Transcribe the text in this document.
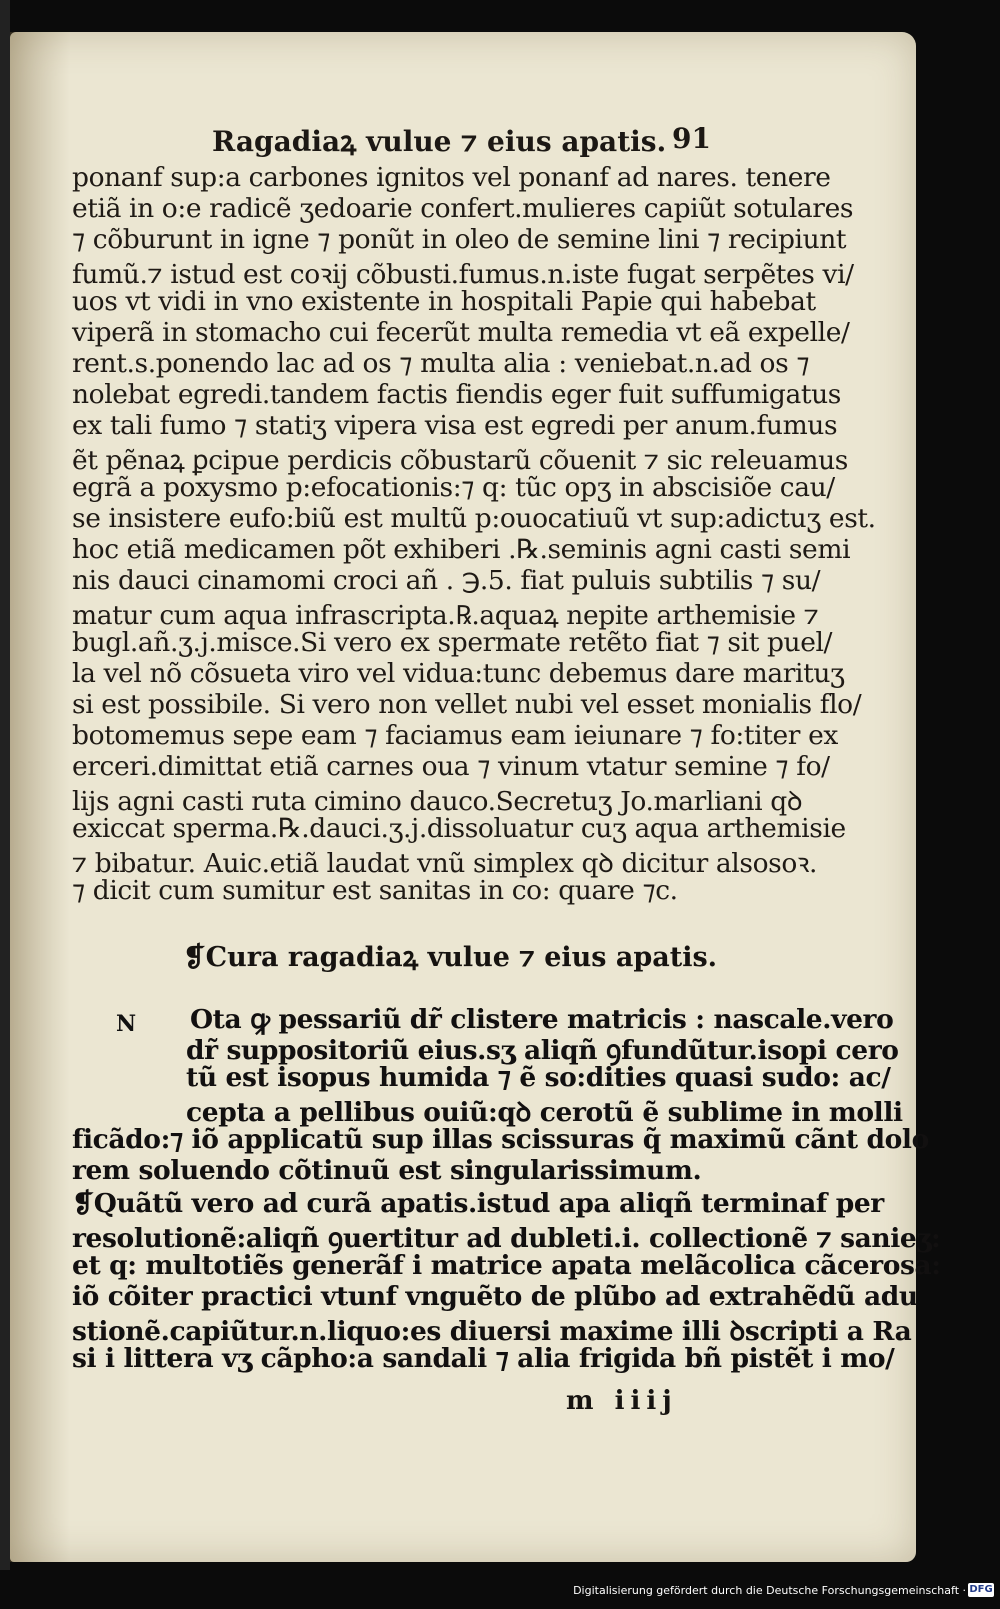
Ragadiaꝝ vulue ⁊ eius apatis. 91
ponanf sup:a carbones ignitos vel ponanf ad nares. tenere
etiã in o:e radicẽ ʒedoarie confert.mulieres capiũt sotulares
⁊ cõburunt in igne ⁊ ponũt in oleo de semine lini ⁊ recipiunt
fumũ.⁊ istud est coꝛij cõbusti.fumus.n.iste fugat serpẽtes vi/
uos vt vidi in vno existente in hospitali Papie qui habebat
viperã in stomacho cui fecerũt multa remedia vt eã expelle/
rent.s.ponendo lac ad os ⁊ multa alia : veniebat.n.ad os ⁊
nolebat egredi.tandem factis fiendis eger fuit suffumigatus
ex tali fumo ⁊ statiʒ vipera visa est egredi per anum.fumus
ẽt pẽnaꝝ ꝑcipue perdicis cõbustarũ cõuenit ⁊ sic releuamus
egrã a poxysmo p:efocationis:⁊ q: tũc opʒ in abscisiõe cau/
se insistere eufo:biũ est multũ p:ouocatiuũ vt sup:adictuʒ est.
hoc etiã medicamen põt exhiberi .℞.seminis agni casti semi
nis dauci cinamomi croci añ . ℈.5. fiat puluis subtilis ⁊ su/
matur cum aqua infrascripta.℞.aquaꝝ nepite arthemisie ⁊
bugl.añ.ʒ.j.misce.Si vero ex spermate retẽto fiat ⁊ sit puel/
la vel nõ cõsueta viro vel vidua:tunc debemus dare marituʒ
si est possibile. Si vero non vellet nubi vel esset monialis flo/
botomemus sepe eam ⁊ faciamus eam ieiunare ⁊ fo:titer ex
erceri.dimittat etiã carnes oua ⁊ vinum vtatur semine ⁊ fo/
lijs agni casti ruta cimino dauco.Secretuʒ Jo.marliani qꝺ
exiccat sperma.℞.dauci.ʒ.j.dissoluatur cuʒ aqua arthemisie
⁊ bibatur. Auic.etiã laudat vnũ simplex qꝺ dicitur alsosoꝛ.
⁊ dicit cum sumitur est sanitas in co: quare ⁊c.
❡Cura ragadiaꝝ vulue ⁊ eius apatis.
N Ota ꝙ pessariũ dr̃ clistere matricis : nascale.vero
dr̃ suppositoriũ eius.sʒ aliqñ ꝯfundũtur.isopi cero
tũ est isopus humida ⁊ ẽ so:dities quasi sudo: ac/
cepta a pellibus ouiũ:qꝺ cerotũ ẽ sublime in molli
ficãdo:⁊ iõ applicatũ sup illas scissuras q̃ maximũ cãnt dolo
rem soluendo cõtinuũ est singularissimum.
❡Quãtũ vero ad curã apatis.istud apa aliqñ terminaf per
resolutionẽ:aliqñ ꝯuertitur ad dubleti.i. collectionẽ ⁊ sanieʒ:
et q: multotiẽs generãf i matrice apata melãcolica cãcerosa:
iõ cõiter practici vtunf vnguẽto de plũbo ad extrahẽdũ adu
stionẽ.capiũtur.n.liquo:es diuersi maxime illi ꝺscripti a Ra
si i littera vʒ cãpho:a sandali ⁊ alia frigida bñ pistẽt i mo/
m iiij
Digitalisierung gefördert durch die Deutsche Forschungsgemeinschaft · DFG
